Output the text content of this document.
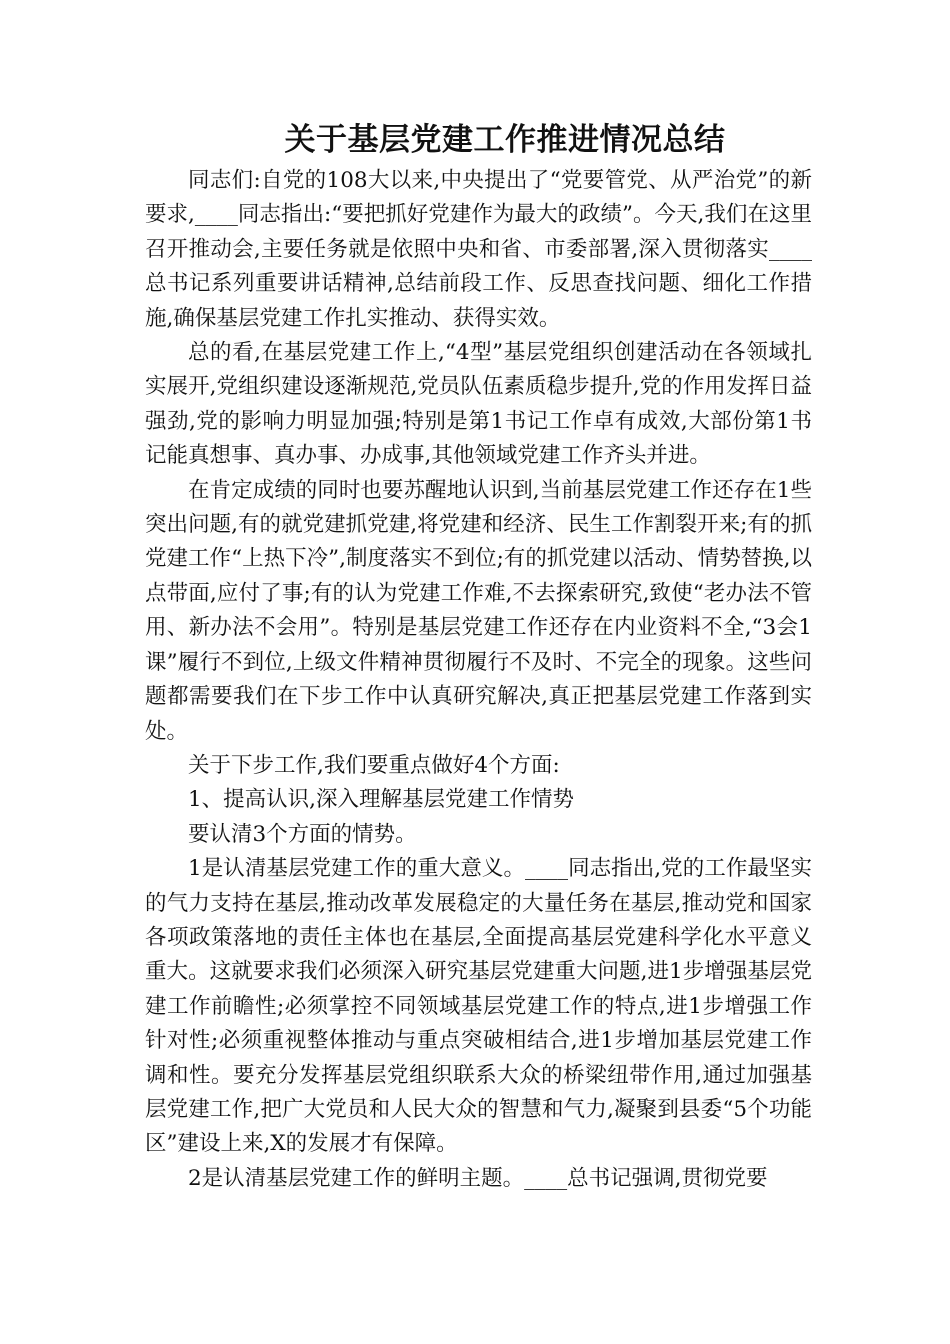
关于基层党建工作推进情况总结

同志们:自党的108大以来,中央提出了“党要管党、从严治党”的新要求,____同志指出:“要把抓好党建作为最大的政绩”。今天,我们在这里召开推动会,主要任务就是依照中央和省、市委部署,深入贯彻落实____总书记系列重要讲话精神,总结前段工作、反思查找问题、细化工作措施,确保基层党建工作扎实推动、获得实效。

总的看,在基层党建工作上,“4型”基层党组织创建活动在各领域扎实展开,党组织建设逐渐规范,党员队伍素质稳步提升,党的作用发挥日益强劲,党的影响力明显加强;特别是第1书记工作卓有成效,大部份第1书记能真想事、真办事、办成事,其他领域党建工作齐头并进。

在肯定成绩的同时也要苏醒地认识到,当前基层党建工作还存在1些突出问题,有的就党建抓党建,将党建和经济、民生工作割裂开来;有的抓党建工作“上热下冷”,制度落实不到位;有的抓党建以活动、情势替换,以点带面,应付了事;有的认为党建工作难,不去探索研究,致使“老办法不管用、新办法不会用”。特别是基层党建工作还存在内业资料不全,“3会1课”履行不到位,上级文件精神贯彻履行不及时、不完全的现象。这些问题都需要我们在下步工作中认真研究解决,真正把基层党建工作落到实处。

关于下步工作,我们要重点做好4个方面:

1、提高认识,深入理解基层党建工作情势

要认清3个方面的情势。

1是认清基层党建工作的重大意义。____同志指出,党的工作最坚实的气力支持在基层,推动改革发展稳定的大量任务在基层,推动党和国家各项政策落地的责任主体也在基层,全面提高基层党建科学化水平意义重大。这就要求我们必须深入研究基层党建重大问题,进1步增强基层党建工作前瞻性;必须掌控不同领域基层党建工作的特点,进1步增强工作针对性;必须重视整体推动与重点突破相结合,进1步增加基层党建工作调和性。要充分发挥基层党组织联系大众的桥梁纽带作用,通过加强基层党建工作,把广大党员和人民大众的智慧和气力,凝聚到县委“5个功能区”建设上来,X的发展才有保障。

2是认清基层党建工作的鲜明主题。____总书记强调,贯彻党要
